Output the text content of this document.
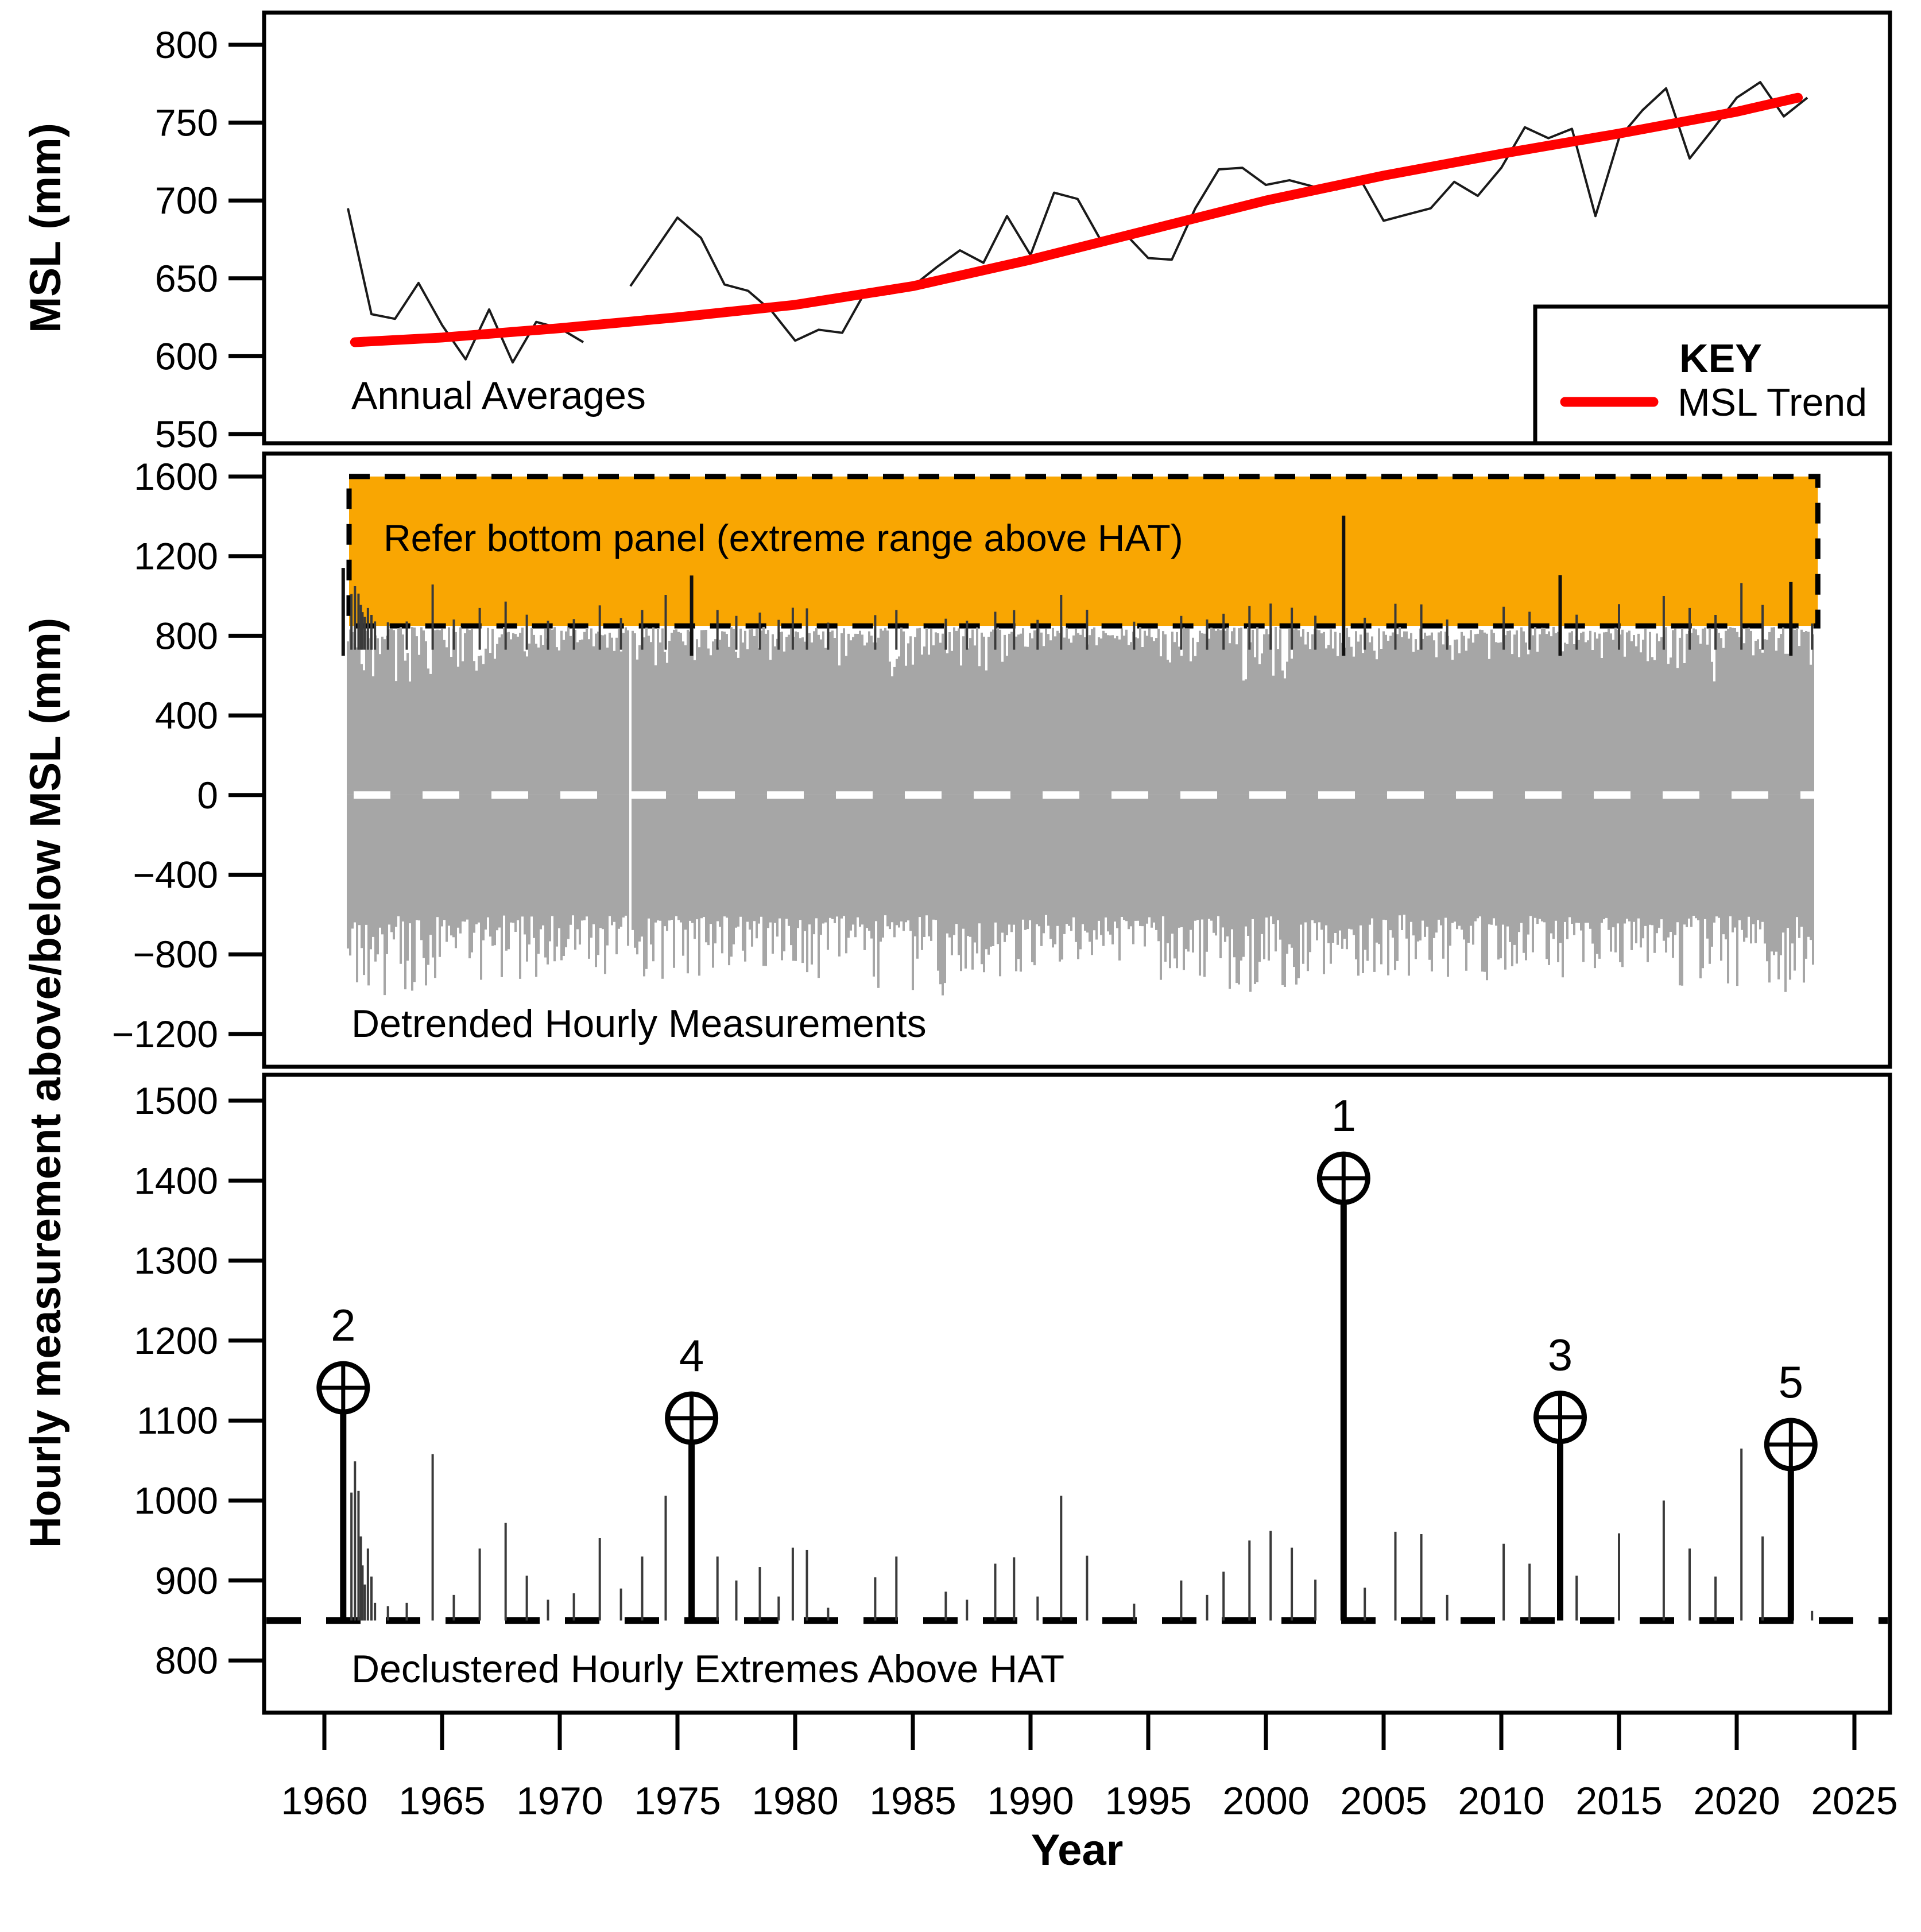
800
750
700
650
600
550
1600
1200
800
400
0
−400
−800
−1200
1500
1400
1300
1200
1100
1000
900
800
1960 1965 1970 1975 1980 1985 1990 1995 2000 2005 2010 2015 2020 2025
Refer bottom panel (extreme range above HAT)
1
2
3
4
5
Annual Averages
Detrended Hourly Measurements
Declustered Hourly Extremes Above HAT
MSL (mm)
Hourly measurement above/below MSL (mm)
Year
KEY
MSL Trend
